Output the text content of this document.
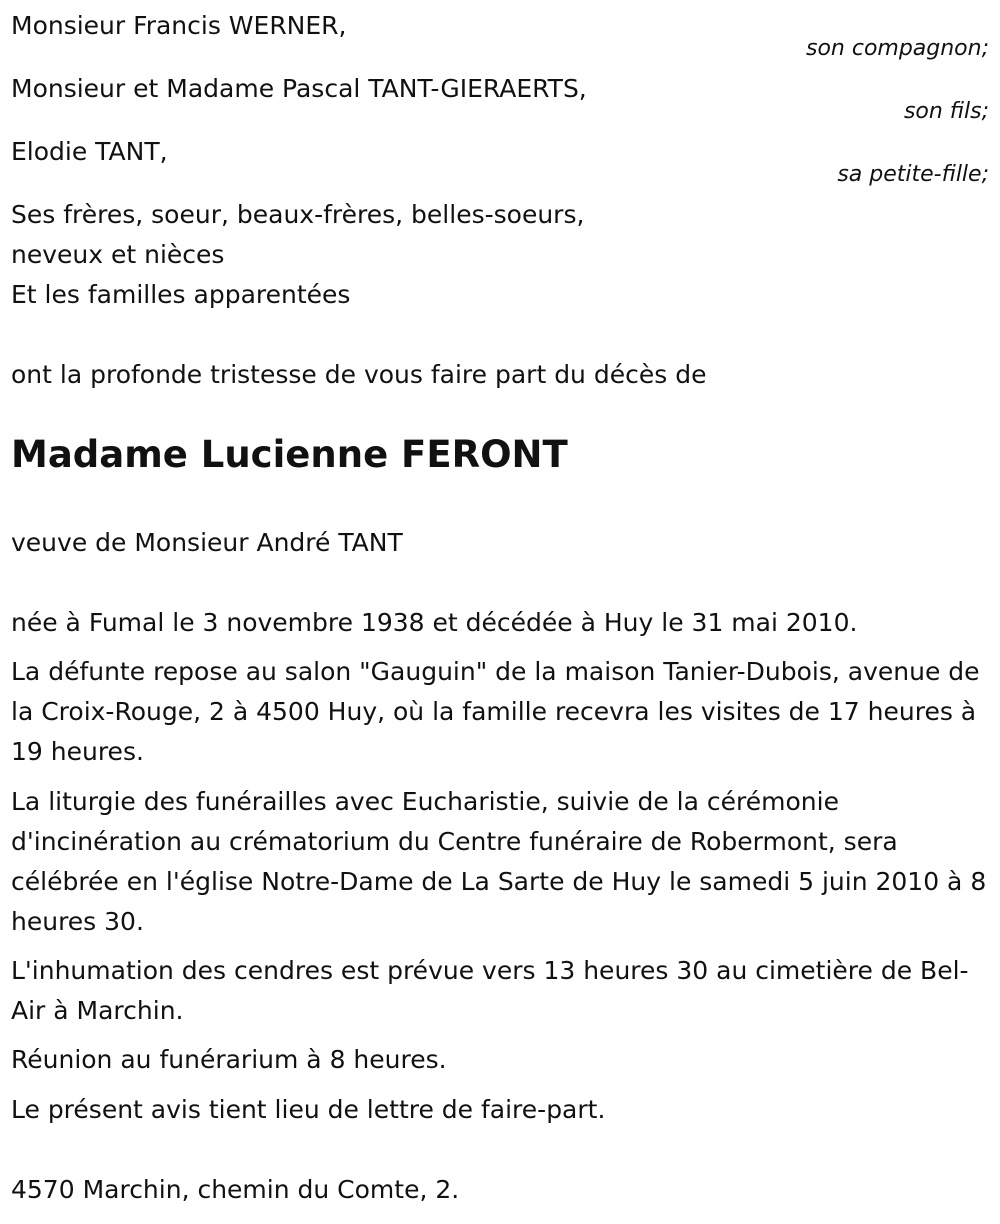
Monsieur Francis WERNER,
son compagnon;
Monsieur et Madame Pascal TANT-GIERAERTS,
son fils;
Elodie TANT,
sa petite-fille;
Ses frères, soeur, beaux-frères, belles-soeurs,
neveux et nièces
Et les familles apparentées
ont la profonde tristesse de vous faire part du décès de
Madame Lucienne FERONT
veuve de Monsieur André TANT
née à Fumal le 3 novembre 1938 et décédée à Huy le 31 mai 2010.
La défunte repose au salon "Gauguin" de la maison Tanier-Dubois, avenue de la Croix-Rouge, 2 à 4500 Huy, où la famille recevra les visites de 17 heures à 19 heures.
La liturgie des funérailles avec Eucharistie, suivie de la cérémonie d'incinération au crématorium du Centre funéraire de Robermont, sera célébrée en l'église Notre-Dame de La Sarte de Huy le samedi 5 juin 2010 à 8 heures 30.
L'inhumation des cendres est prévue vers 13 heures 30 au cimetière de Bel-Air à Marchin.
Réunion au funérarium à 8 heures.
Le présent avis tient lieu de lettre de faire-part.
4570 Marchin, chemin du Comte, 2.
